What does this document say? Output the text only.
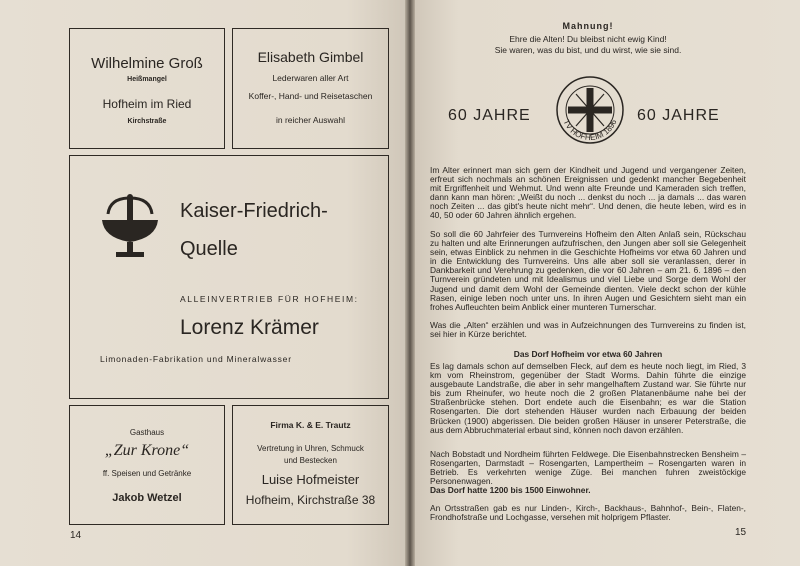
Wilhelmine Groß
Heißmangel
Hofheim im Ried
Kirchstraße
Elisabeth Gimbel
Lederwaren aller Art
Koffer-, Hand- und Reisetaschen
in reicher Auswahl
Kaiser-Friedrich-
Quelle
ALLEINVERTRIEB FÜR HOFHEIM:
Lorenz Krämer
Limonaden-Fabrikation und Mineralwasser
Gasthaus
„Zur Krone“
ff. Speisen und Getränke
Jakob Wetzel
Firma K. & E. Trautz
Vertretung in Uhren, Schmuck
und Bestecken
Luise Hofmeister
Hofheim, Kirchstraße 38
14	15
Mahnung!
Ehre die Alten! Du bleibst nicht ewig Kind!
Sie waren, was du bist, und du wirst, wie sie sind.
60 JAHRE	60 JAHRE
TV HOFHEIM 1896
Im Alter erinnert man sich gern der Kindheit und Jugend und vergangener Zeiten, erfreut sich nochmals an schönen Ereignissen und gedenkt mancher Begebenheit mit Ergriffenheit und Wehmut. Und wenn alte Freunde und Kameraden sich treffen, dann kann man hören: „Weißt du noch ... denkst du noch ... ja damals ... das waren noch Zeiten ... das gibt's heute nicht mehr“. Und denen, die heute leben, wird es in 40, 50 oder 60 Jahren ähnlich ergehen.
So soll die 60 Jahrfeier des Turnvereins Hofheim den Alten Anlaß sein, Rückschau zu halten und alte Erinnerungen aufzufrischen, den Jungen aber soll sie Gelegenheit sein, etwas Einblick zu nehmen in die Geschichte Hofheims vor etwa 60 Jahren und in die Entwicklung des Turnvereins. Uns alle aber soll sie veranlassen, derer in Dankbarkeit und Verehrung zu gedenken, die vor 60 Jahren – am 21. 6. 1896 – den Turnverein gründeten und mit Idealismus und viel Liebe und Sorge dem Wohl der Jugend und damit dem Wohl der Gemeinde dienten. Viele deckt schon der kühle Rasen, einige leben noch unter uns. In ihren Augen und Gesichtern sieht man ein frohes Aufleuchten beim Anblick einer munteren Turnerschar.
Was die „Alten“ erzählen und was in Aufzeichnungen des Turnvereins zu finden ist, sei hier in Kürze berichtet.
Das Dorf Hofheim vor etwa 60 Jahren
Es lag damals schon auf demselben Fleck, auf dem es heute noch liegt, im Ried, 3 km vom Rheinstrom, gegenüber der Stadt Worms. Dahin führte die einzige ausgebaute Landstraße, die aber in sehr mangelhaftem Zustand war. Sie führte nur bis zum Rheinufer, wo heute noch die 2 großen Platanenbäume nahe bei der Straßenbrücke stehen. Dort endete auch die Eisenbahn; es war die Station Rosengarten. Die dort stehenden Häuser wurden nach Erbauung der beiden Brücken (1900) abgerissen. Die beiden großen Häuser in unserer Peterstraße, die aus dem Abbruchmaterial erbaut sind, können noch davon erzählen.
Nach Bobstadt und Nordheim führten Feldwege. Die Eisenbahnstrecken Bensheim – Rosengarten, Darmstadt – Rosengarten, Lampertheim – Rosengarten waren in Betrieb. Es verkehrten wenige Züge. Bei manchen fuhren zweistöckige Personenwagen.
Das Dorf hatte 1200 bis 1500 Einwohner.
An Ortsstraßen gab es nur Linden-, Kirch-, Backhaus-, Bahnhof-, Bein-, Flaten-, Frondhofstraße und Lochgasse, versehen mit holprigem Pflaster.
